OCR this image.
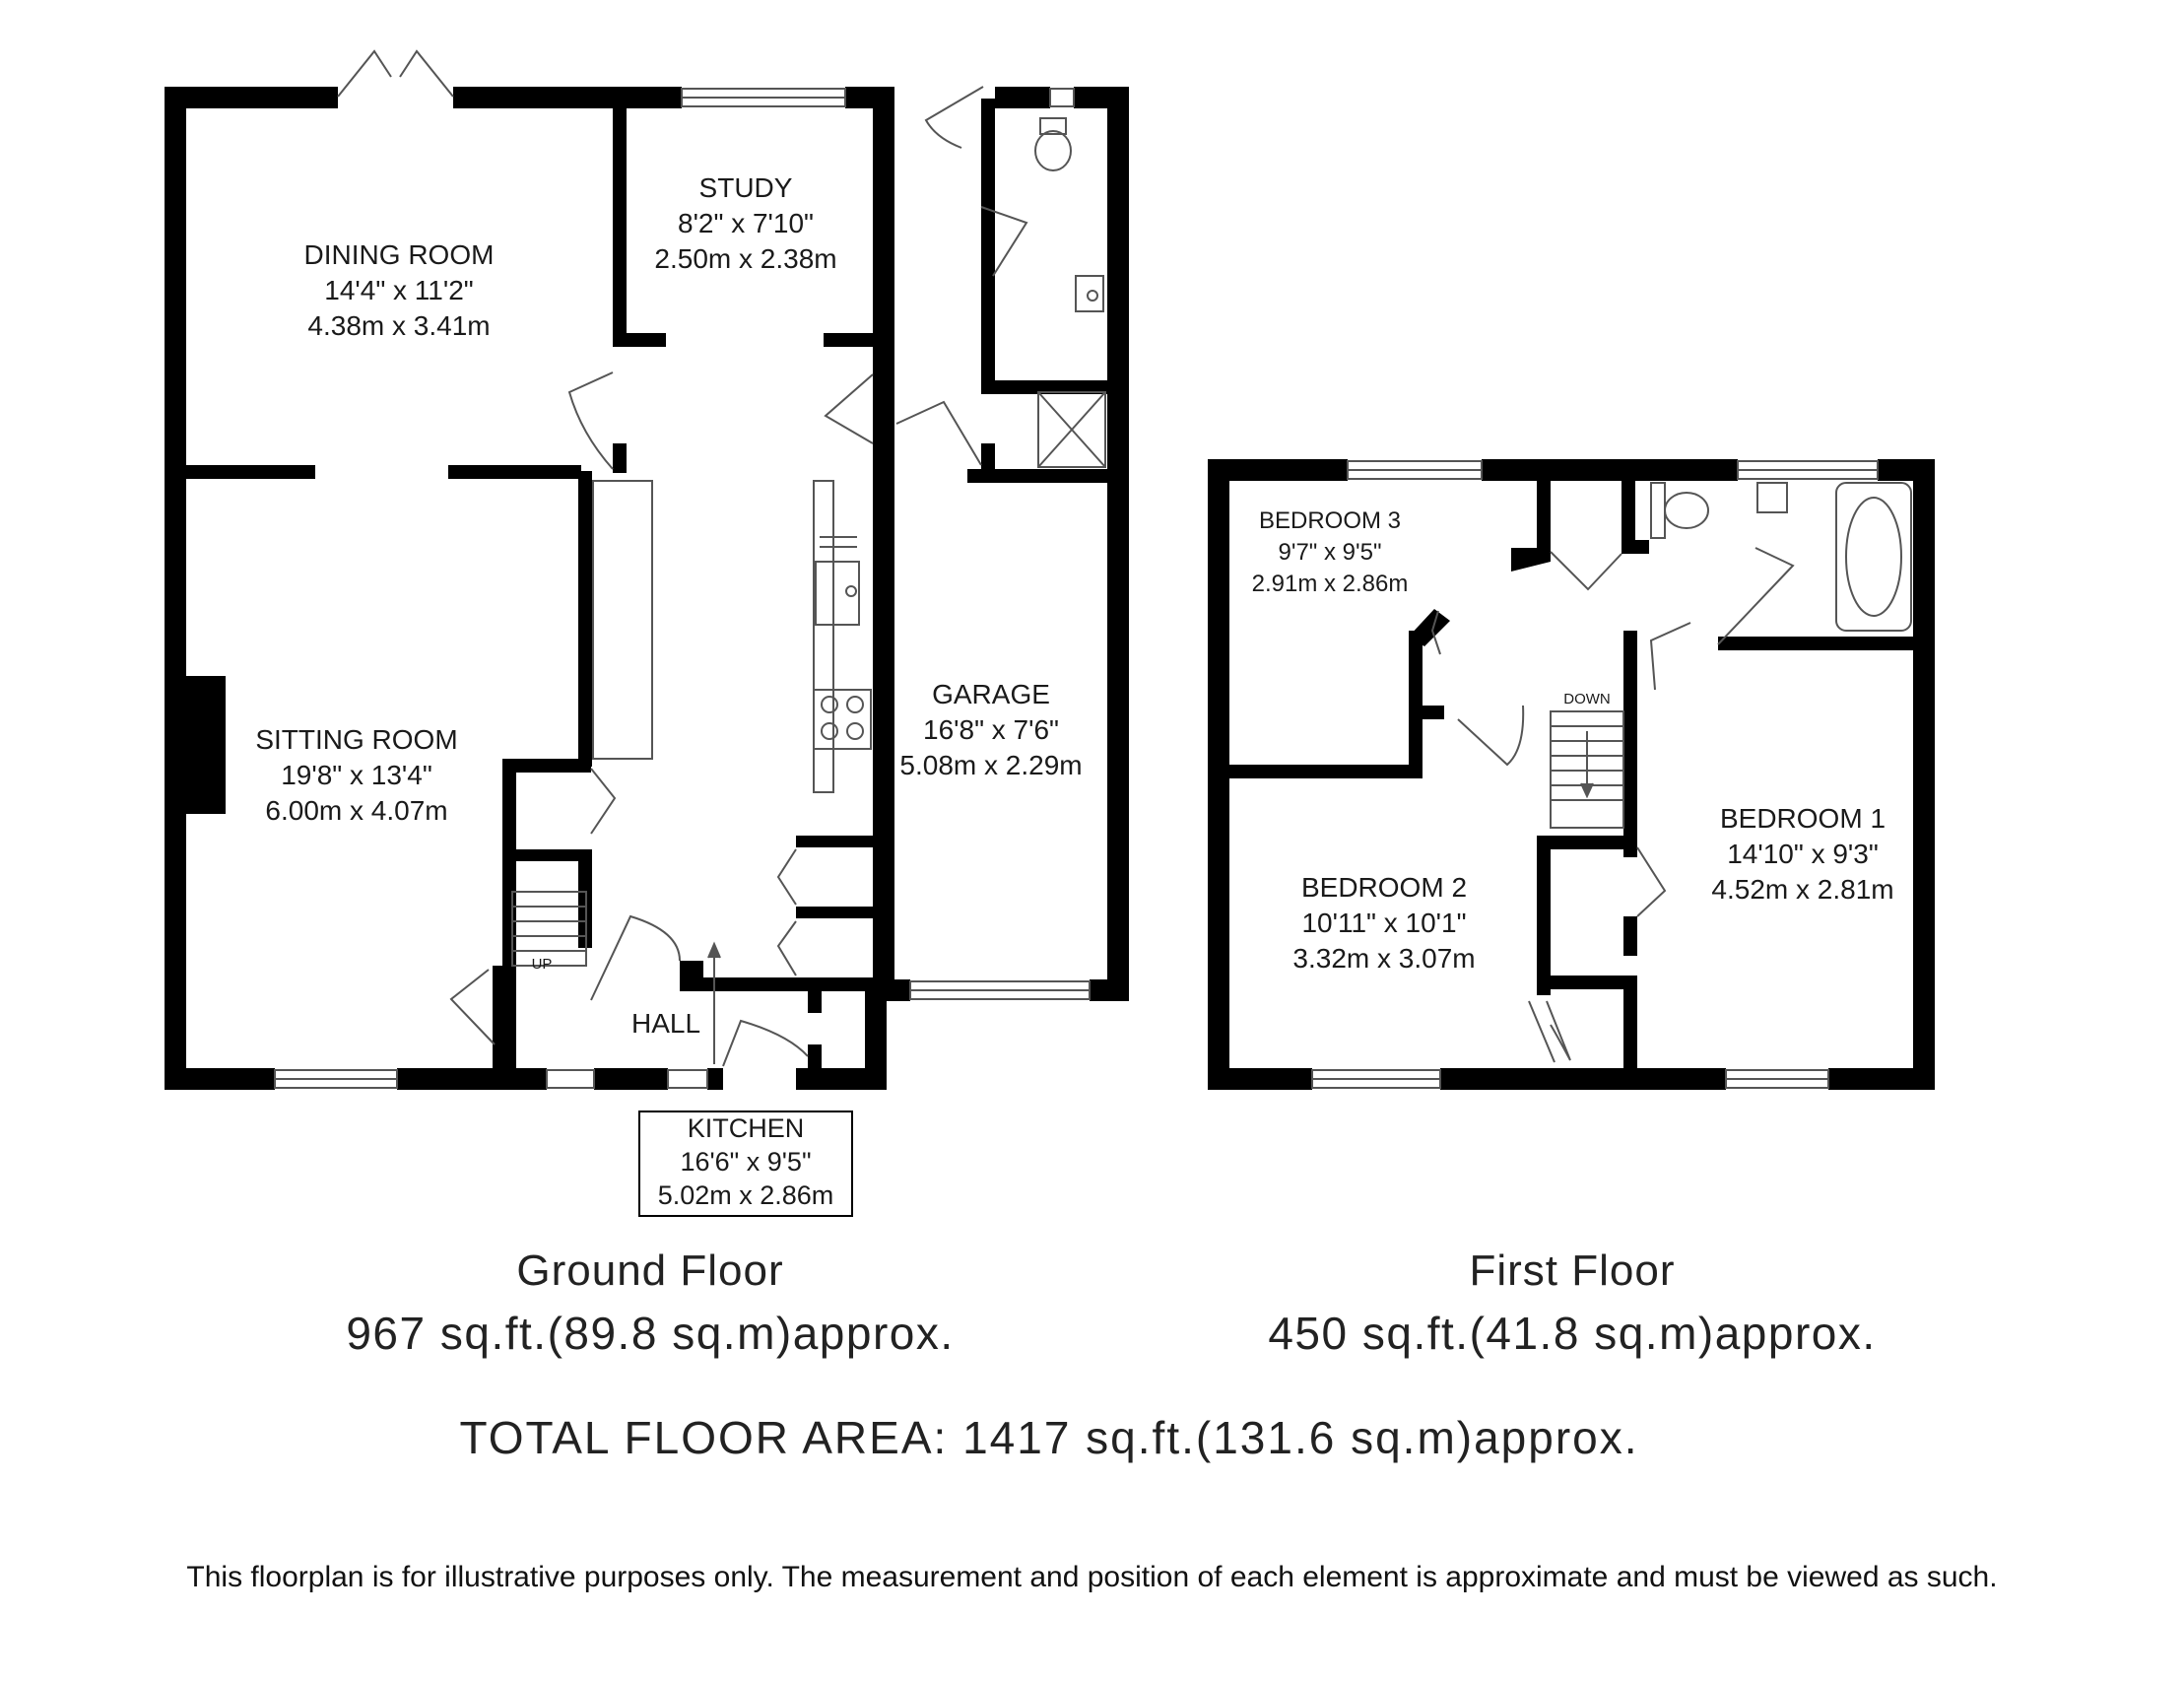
DINING ROOM
14'4" x 11'2"
4.38m x 3.41m
STUDY
8'2" x 7'10"
2.50m x 2.38m
SITTING ROOM
19'8" x 13'4"
6.00m x 4.07m
GARAGE
16'8" x 7'6"
5.08m x 2.29m
HALL
UP
KITCHEN
16'6" x 9'5"
5.02m x 2.86m
BEDROOM 3
9'7" x 9'5"
2.91m x 2.86m
DOWN
BEDROOM 1
14'10" x 9'3"
4.52m x 2.81m
BEDROOM 2
10'11" x 10'1"
3.32m x 3.07m
Ground Floor
967 sq.ft.(89.8 sq.m)approx.
First Floor
450 sq.ft.(41.8 sq.m)approx.
TOTAL FLOOR AREA: 1417 sq.ft.(131.6 sq.m)approx.
This floorplan is for illustrative purposes only. The measurement and position of each element is approximate and must be viewed as such.
